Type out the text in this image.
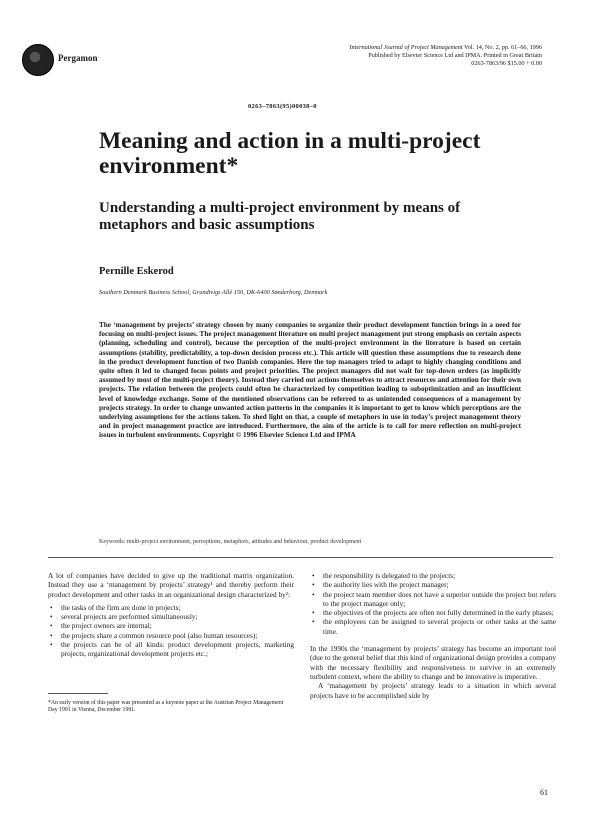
Pergamon
International Journal of Project Management Vol. 14, No. 2, pp. 61–66, 1996
Published by Elsevier Science Ltd and IPMA. Printed in Great Britain
0263-7863/96 $15.00 + 0.00
0263–7863(95)00038–0
Meaning and action in a multi-project environment*
Understanding a multi-project environment by means of metaphors and basic assumptions
Pernille Eskerod
Southern Denmark Business School, Grundtvigs Allé 150, DK-6400 Sønderborg, Denmark
The ‘management by projects’ strategy chosen by many companies to organize their product development function brings in a need for focusing on multi-project issues. The project management literature on multi project management put strong emphasis on certain aspects (planning, scheduling and control), because the perception of the multi-project environment in the literature is based on certain assumptions (stability, predictability, a top-down decision process etc.). This article will question these assumptions due to research done in the product development function of two Danish companies. Here the top managers tried to adapt to highly changing conditions and quite often it led to changed focus points and project priorities. The project managers did not wait for top-down orders (as implicitly assumed by most of the multi-project theory). Instead they carried out actions themselves to attract resources and attention for their own projects. The relation between the projects could often be characterized by competition leading to suboptimization and an insufficient level of knowledge exchange. Some of the mentioned observations can be referred to as unintended consequences of a management by projects strategy. In order to change unwanted action patterns in the companies it is important to get to know which perceptions are the underlying assumptions for the actions taken. To shed light on that, a couple of metaphors in use in today’s project management theory and in project management practice are introduced. Furthermore, the aim of the article is to call for more reflection on multi-project issues in turbulent environments. Copyright © 1996 Elsevier Science Ltd and IPMA
Keywords: multi-project environment, perceptions, metaphors, attitudes and behaviour, product development

A lot of companies have decided to give up the traditional matrix organization. Instead they use a ‘management by projects’ strategy¹ and thereby perform their product development and other tasks in an organizational design characterized by²:

• the tasks of the firm are done in projects;
• several projects are performed simultaneously;
• the project owners are internal;
• the projects share a common resource pool (also human resources);
• the projects can be of all kinds: product development projects, marketing projects, organizational development projects etc.;
*An early version of this paper was presented as a keynote paper at the Austrian Project Management Day 1991 in Vienna, December 1991.
• the responsibility is delegated to the projects;
• the authority lies with the project manager;
• the project team member does not have a superior outside the project but refers to the project manager only;
• the objectives of the projects are often not fully determined in the early phases;
• the employees can be assigned to several projects or other tasks at the same time.

In the 1990s the ‘management by projects’ strategy has become an important tool (due to the general belief that this kind of organizational design provides a company with the necessary flexibility and responsiveness to survive in an extremely turbulent context, where the ability to change and be innovative is imperative.

A ‘management by projects’ strategy leads to a situation in which several projects have to be accomplished side by

61
